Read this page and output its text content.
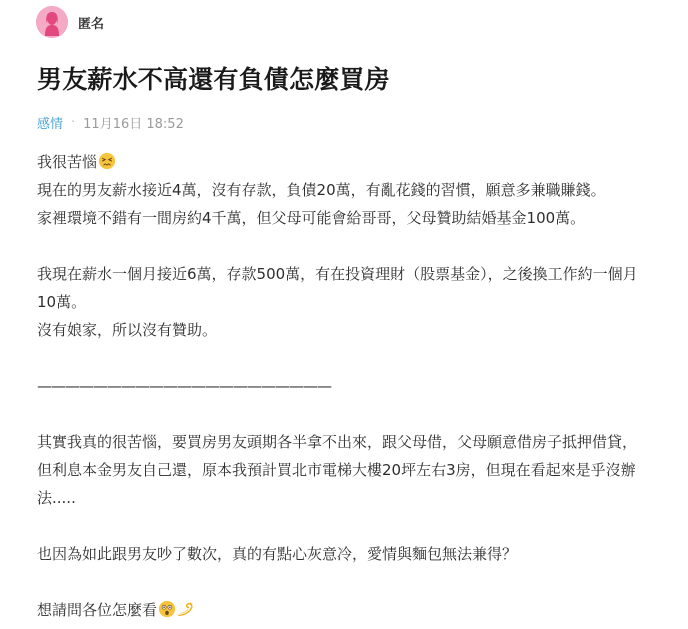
匿名
男友薪水不高還有負債怎麼買房
感情 · 11月16日 18:52

我很苦惱

現在的男友薪水接近4萬，沒有存款，負債20萬，有亂花錢的習慣，願意多兼職賺錢。

家裡環境不錯有一間房約4千萬，但父母可能會給哥哥，父母贊助結婚基金100萬。

我現在薪水一個月接近6萬，存款500萬，有在投資理財（股票基金），之後換工作約一個月10萬。

沒有娘家，所以沒有贊助。

—————————————————————

其實我真的很苦惱，要買房男友頭期各半拿不出來，跟父母借，父母願意借房子抵押借貸，但利息本金男友自己還，原本我預計買北市電梯大樓20坪左右3房，但現在看起來是乎沒辦法.....

也因為如此跟男友吵了數次，真的有點心灰意冷，愛情與麵包無法兼得？

想請問各位怎麼看
